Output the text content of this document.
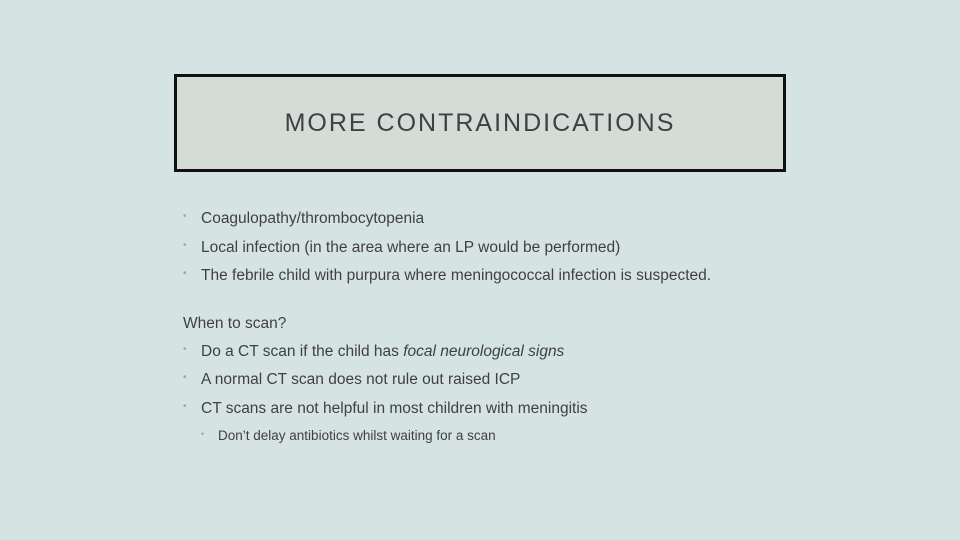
MORE CONTRAINDICATIONS
• Coagulopathy/thrombocytopenia
• Local infection (in the area where an LP would be performed)
• The febrile child with purpura where meningococcal infection is suspected.
When to scan?
• Do a CT scan if the child has focal neurological signs
• A normal CT scan does not rule out raised ICP
• CT scans are not helpful in most children with meningitis
• Don’t delay antibiotics whilst waiting for a scan
